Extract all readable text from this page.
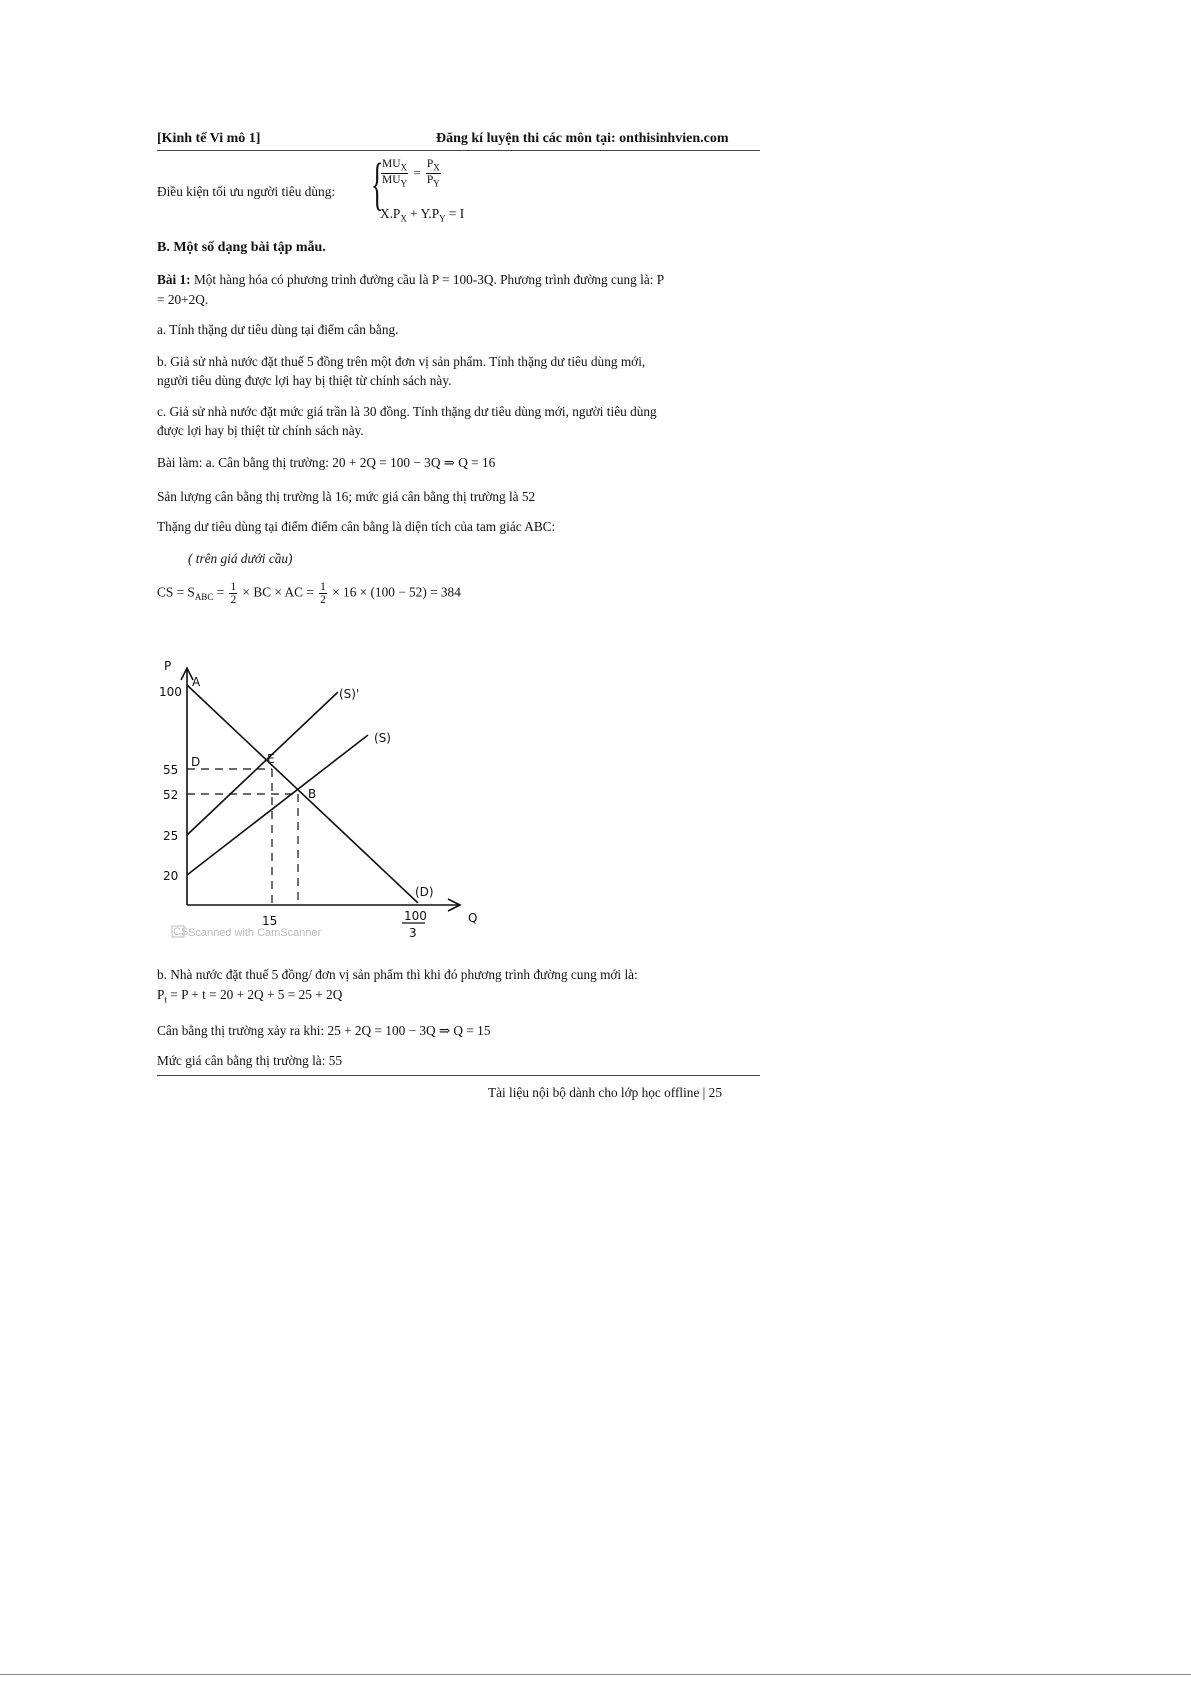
[Kinh tế Vi mô 1]	Đăng kí luyện thi các môn tại: onthisinhvien.com
Điều kiện tối ưu người tiêu dùng: {
$\frac{MU_X}{MU_Y} = \frac{P_X}{P_Y}$
$X.P_X + Y.P_Y = I$
B. Một số dạng bài tập mẫu.
Bài 1: Một hàng hóa có phương trình đường cầu là P = 100-3Q. Phương trình đường cung là: P
= 20+2Q.
a. Tính thặng dư tiêu dùng tại điểm cân bằng.
b. Giả sử nhà nước đặt thuế 5 đồng trên một đơn vị sản phẩm. Tính thặng dư tiêu dùng mới,
người tiêu dùng được lợi hay bị thiệt từ chính sách này.
c. Giả sử nhà nước đặt mức giá trần là 30 đồng. Tính thặng dư tiêu dùng mới, người tiêu dùng
được lợi hay bị thiệt từ chính sách này.
Bài làm: a. Cân bằng thị trường: 20 + 2Q = 100 − 3Q ⇒ Q = 16
Sản lượng cân bằng thị trường là 16; mức giá cân bằng thị trường là 52
Thặng dư tiêu dùng tại điểm điểm cân bằng là diện tích của tam giác ABC:
( trên giá dưới cầu)
CS = $S_{ABC} = \frac{1}{2}$ × BC × AC = $\frac{1}{2} \times 16 \times (100 - 52) = 384$
P
Q
100
55
52
25
20
15	100
3
A
D	E
B
(S)'
(S)
(D)
CS Scanned with CamScanner
b. Nhà nước đặt thuế 5 đồng/ đơn vị sản phẩm thì khi đó phương trình đường cung mới là:
$P_t = P + t = 20 + 2Q + 5 = 25 + 2Q$
Cân bằng thị trường xảy ra khi: 25 + 2Q = 100 − 3Q ⇒ Q = 15
Mức giá cân bằng thị trường là: 55
Tài liệu nội bộ dành cho lớp học offline | 25
